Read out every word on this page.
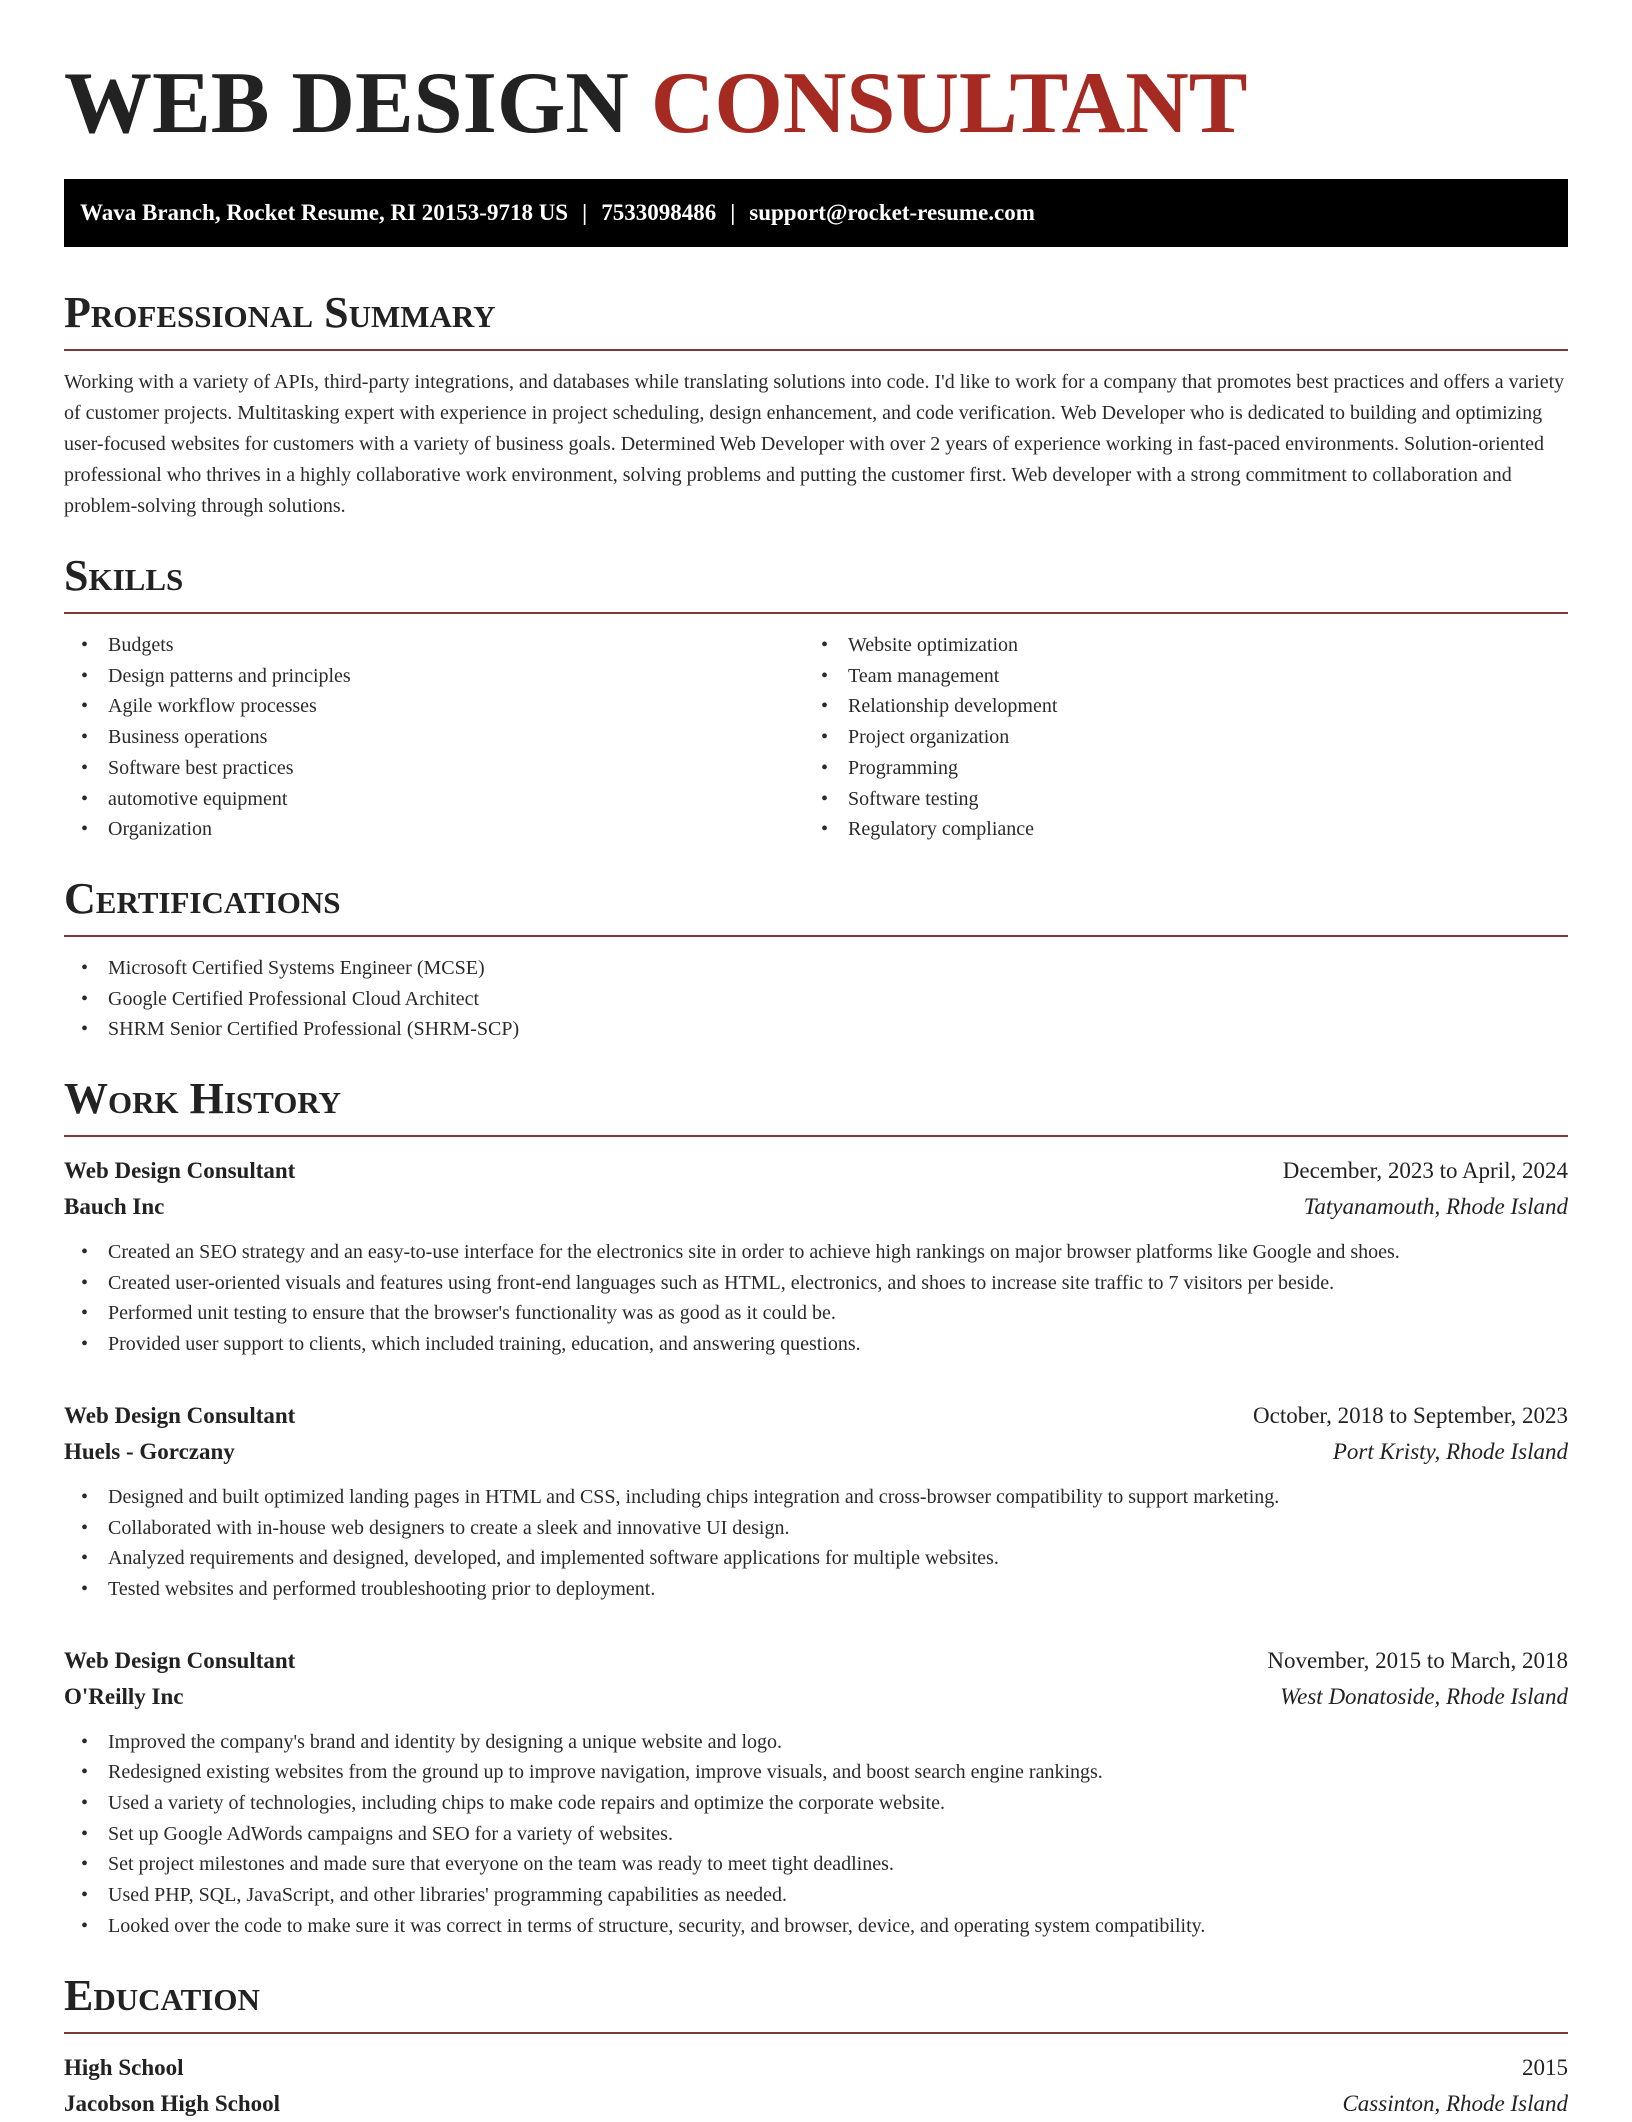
WEB DESIGN CONSULTANT
Wava Branch, Rocket Resume, RI 20153-9718 US | 7533098486 | support@rocket-resume.com
Professional Summary

Working with a variety of APIs, third-party integrations, and databases while translating solutions into code. I'd like to work for a company that promotes best practices and offers a variety of customer projects. Multitasking expert with experience in project scheduling, design enhancement, and code verification. Web Developer who is dedicated to building and optimizing user-focused websites for customers with a variety of business goals. Determined Web Developer with over 2 years of experience working in fast-paced environments. Solution-oriented professional who thrives in a highly collaborative work environment, solving problems and putting the customer first. Web developer with a strong commitment to collaboration and problem-solving through solutions.

Skills
• Budgets
• Design patterns and principles
• Agile workflow processes
• Business operations
• Software best practices
• automotive equipment
• Organization
• Website optimization
• Team management
• Relationship development
• Project organization
• Programming
• Software testing
• Regulatory compliance
Certifications
• Microsoft Certified Systems Engineer (MCSE)
• Google Certified Professional Cloud Architect
• SHRM Senior Certified Professional (SHRM-SCP)
Work History
Web Design Consultant	December, 2023 to April, 2024
Bauch Inc	Tatyanamouth, Rhode Island
• Created an SEO strategy and an easy-to-use interface for the electronics site in order to achieve high rankings on major browser platforms like Google and shoes.
• Created user-oriented visuals and features using front-end languages such as HTML, electronics, and shoes to increase site traffic to 7 visitors per beside.
• Performed unit testing to ensure that the browser's functionality was as good as it could be.
• Provided user support to clients, which included training, education, and answering questions.
Web Design Consultant	October, 2018 to September, 2023
Huels - Gorczany	Port Kristy, Rhode Island
• Designed and built optimized landing pages in HTML and CSS, including chips integration and cross-browser compatibility to support marketing.
• Collaborated with in-house web designers to create a sleek and innovative UI design.
• Analyzed requirements and designed, developed, and implemented software applications for multiple websites.
• Tested websites and performed troubleshooting prior to deployment.
Web Design Consultant	November, 2015 to March, 2018
O'Reilly Inc	West Donatoside, Rhode Island
• Improved the company's brand and identity by designing a unique website and logo.
• Redesigned existing websites from the ground up to improve navigation, improve visuals, and boost search engine rankings.
• Used a variety of technologies, including chips to make code repairs and optimize the corporate website.
• Set up Google AdWords campaigns and SEO for a variety of websites.
• Set project milestones and made sure that everyone on the team was ready to meet tight deadlines.
• Used PHP, SQL, JavaScript, and other libraries' programming capabilities as needed.
• Looked over the code to make sure it was correct in terms of structure, security, and browser, device, and operating system compatibility.
Education
High School	2015
Jacobson High School	Cassinton, Rhode Island
